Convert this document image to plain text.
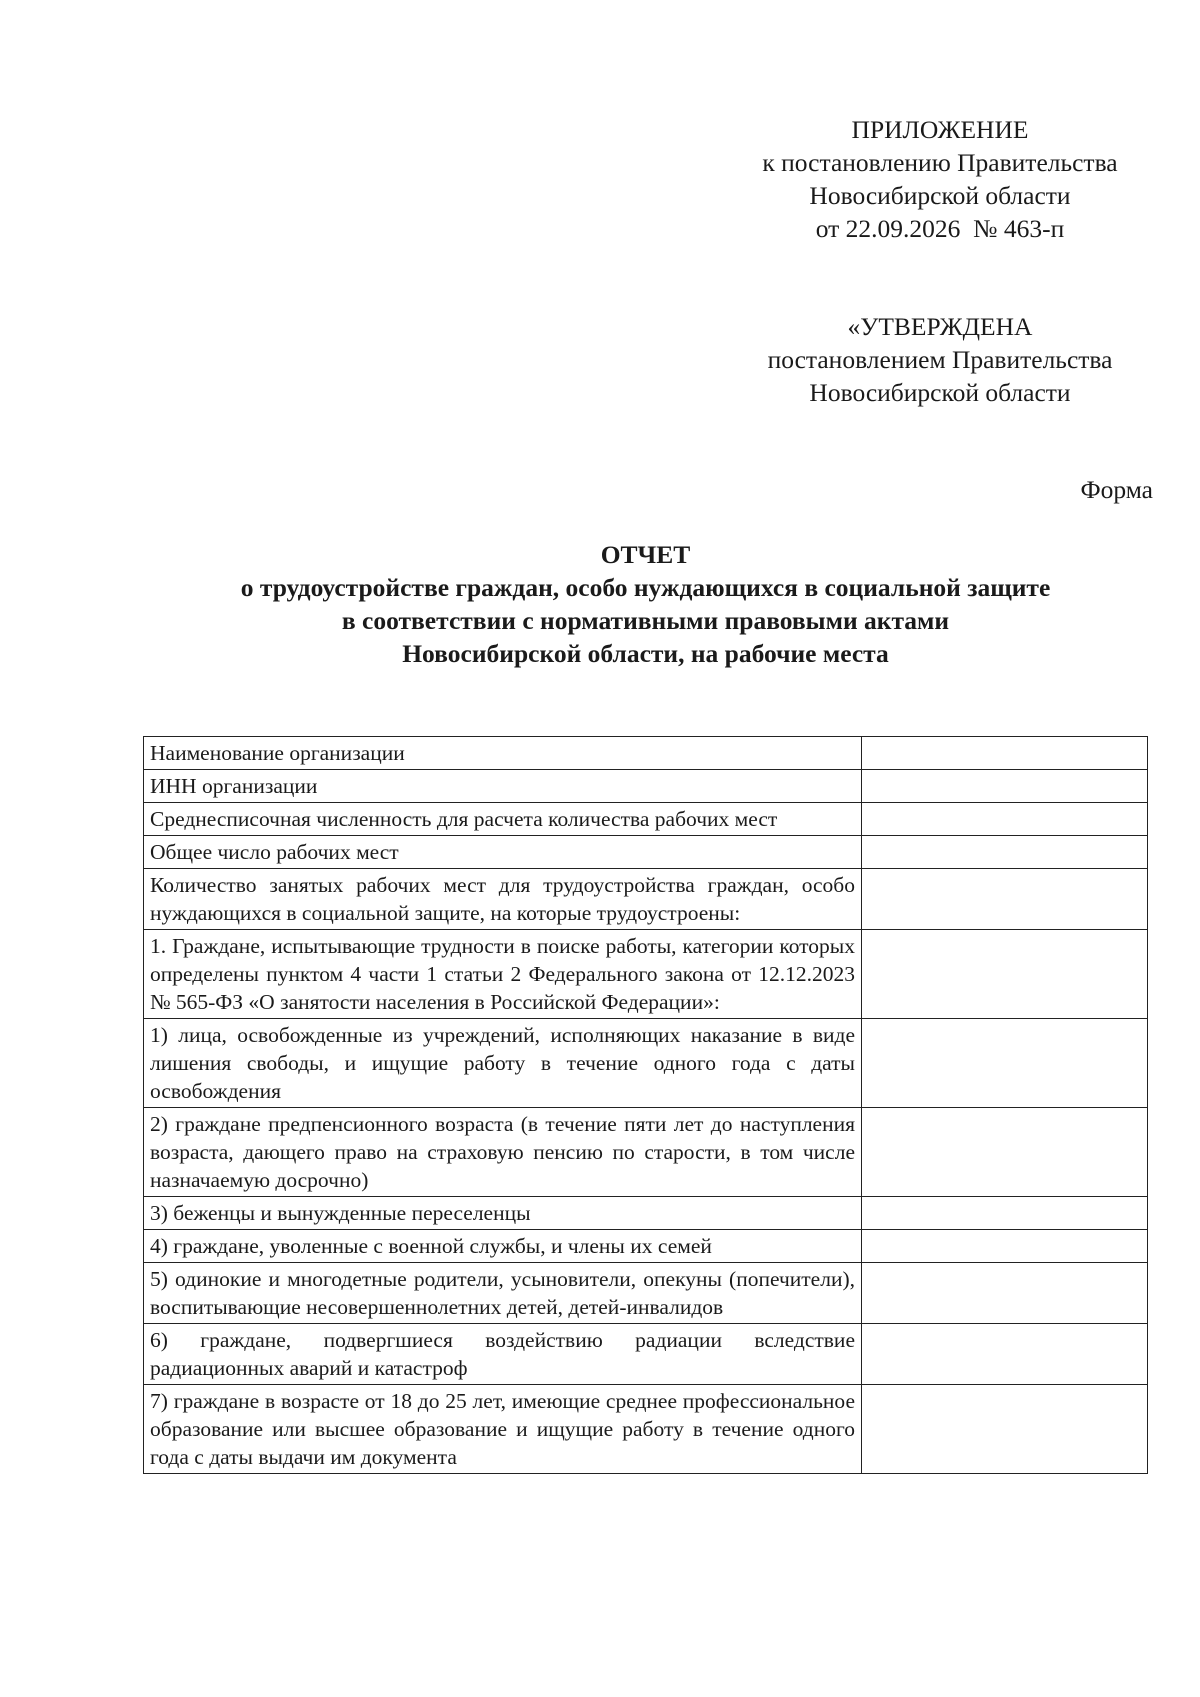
ПРИЛОЖЕНИЕ
к постановлению Правительства
Новосибирской области
от 22.09.2026  № 463-п
«УТВЕРЖДЕНА
постановлением Правительства
Новосибирской области
Форма
ОТЧЕТ
о трудоустройстве граждан, особо нуждающихся в социальной защите
в соответствии с нормативными правовыми актами
Новосибирской области, на рабочие места
Наименование организации	
ИНН организации	
Среднесписочная численность для расчета количества рабочих мест	
Общее число рабочих мест	
Количество занятых рабочих мест для трудоустройства граждан, особо нуждающихся в социальной защите, на которые трудоустроены:	
1. Граждане, испытывающие трудности в поиске работы, категории которых определены пунктом 4 части 1 статьи 2 Федерального закона от 12.12.2023 № 565-ФЗ «О занятости населения в Российской Федерации»:	
1) лица, освобожденные из учреждений, исполняющих наказание в виде лишения свободы, и ищущие работу в течение одного года с даты освобождения	
2) граждане предпенсионного возраста (в течение пяти лет до наступления возраста, дающего право на страховую пенсию по старости, в том числе назначаемую досрочно)	
3) беженцы и вынужденные переселенцы	
4) граждане, уволенные с военной службы, и члены их семей	
5) одинокие и многодетные родители, усыновители, опекуны (попечители), воспитывающие несовершеннолетних детей, детей-инвалидов	
6) граждане, подвергшиеся воздействию радиации вследствие радиационных аварий и катастроф	
7) граждане в возрасте от 18 до 25 лет, имеющие среднее профессиональное образование или высшее образование и ищущие работу в течение одного года с даты выдачи им документа	
